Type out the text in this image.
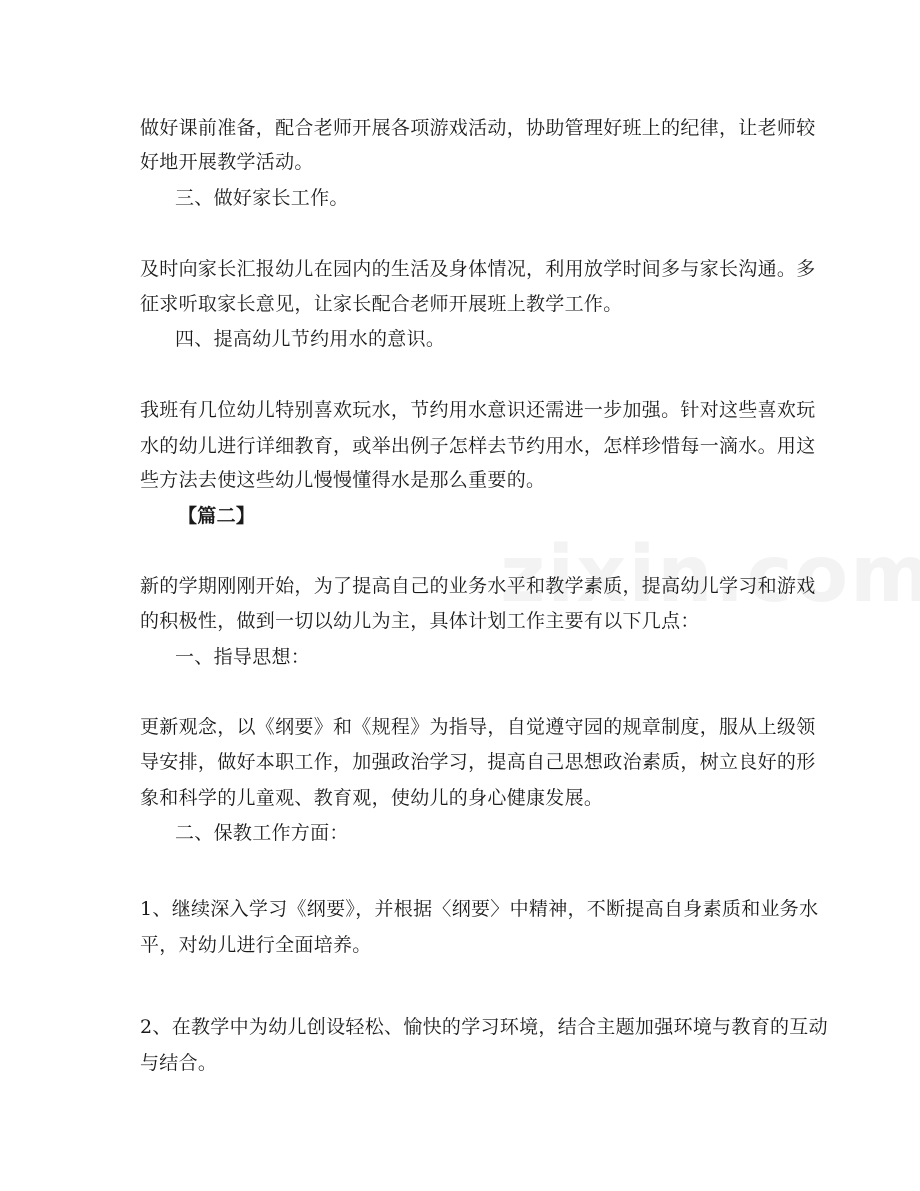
做好课前准备，配合老师开展各项游戏活动，协助管理好班上的纪律，让老师较
好地开展教学活动。
三、做好家长工作。
及时向家长汇报幼儿在园内的生活及身体情况，利用放学时间多与家长沟通。多
征求听取家长意见，让家长配合老师开展班上教学工作。
四、提高幼儿节约用水的意识。
我班有几位幼儿特别喜欢玩水，节约用水意识还需进一步加强。针对这些喜欢玩
水的幼儿进行详细教育，或举出例子怎样去节约用水，怎样珍惜每一滴水。用这
些方法去使这些幼儿慢慢懂得水是那么重要的。
【篇二】
新的学期刚刚开始，为了提高自己的业务水平和教学素质，提高幼儿学习和游戏
的积极性，做到一切以幼儿为主，具体计划工作主要有以下几点：
一、指导思想：
更新观念，以《纲要》和《规程》为指导，自觉遵守园的规章制度，服从上级领
导安排，做好本职工作，加强政治学习，提高自己思想政治素质，树立良好的形
象和科学的儿童观、教育观，使幼儿的身心健康发展。
二、保教工作方面：
1、继续深入学习《纲要》，并根据〈纲要〉中精神，不断提高自身素质和业务水
平，对幼儿进行全面培养。
2、在教学中为幼儿创设轻松、愉快的学习环境，结合主题加强环境与教育的互动
与结合。
